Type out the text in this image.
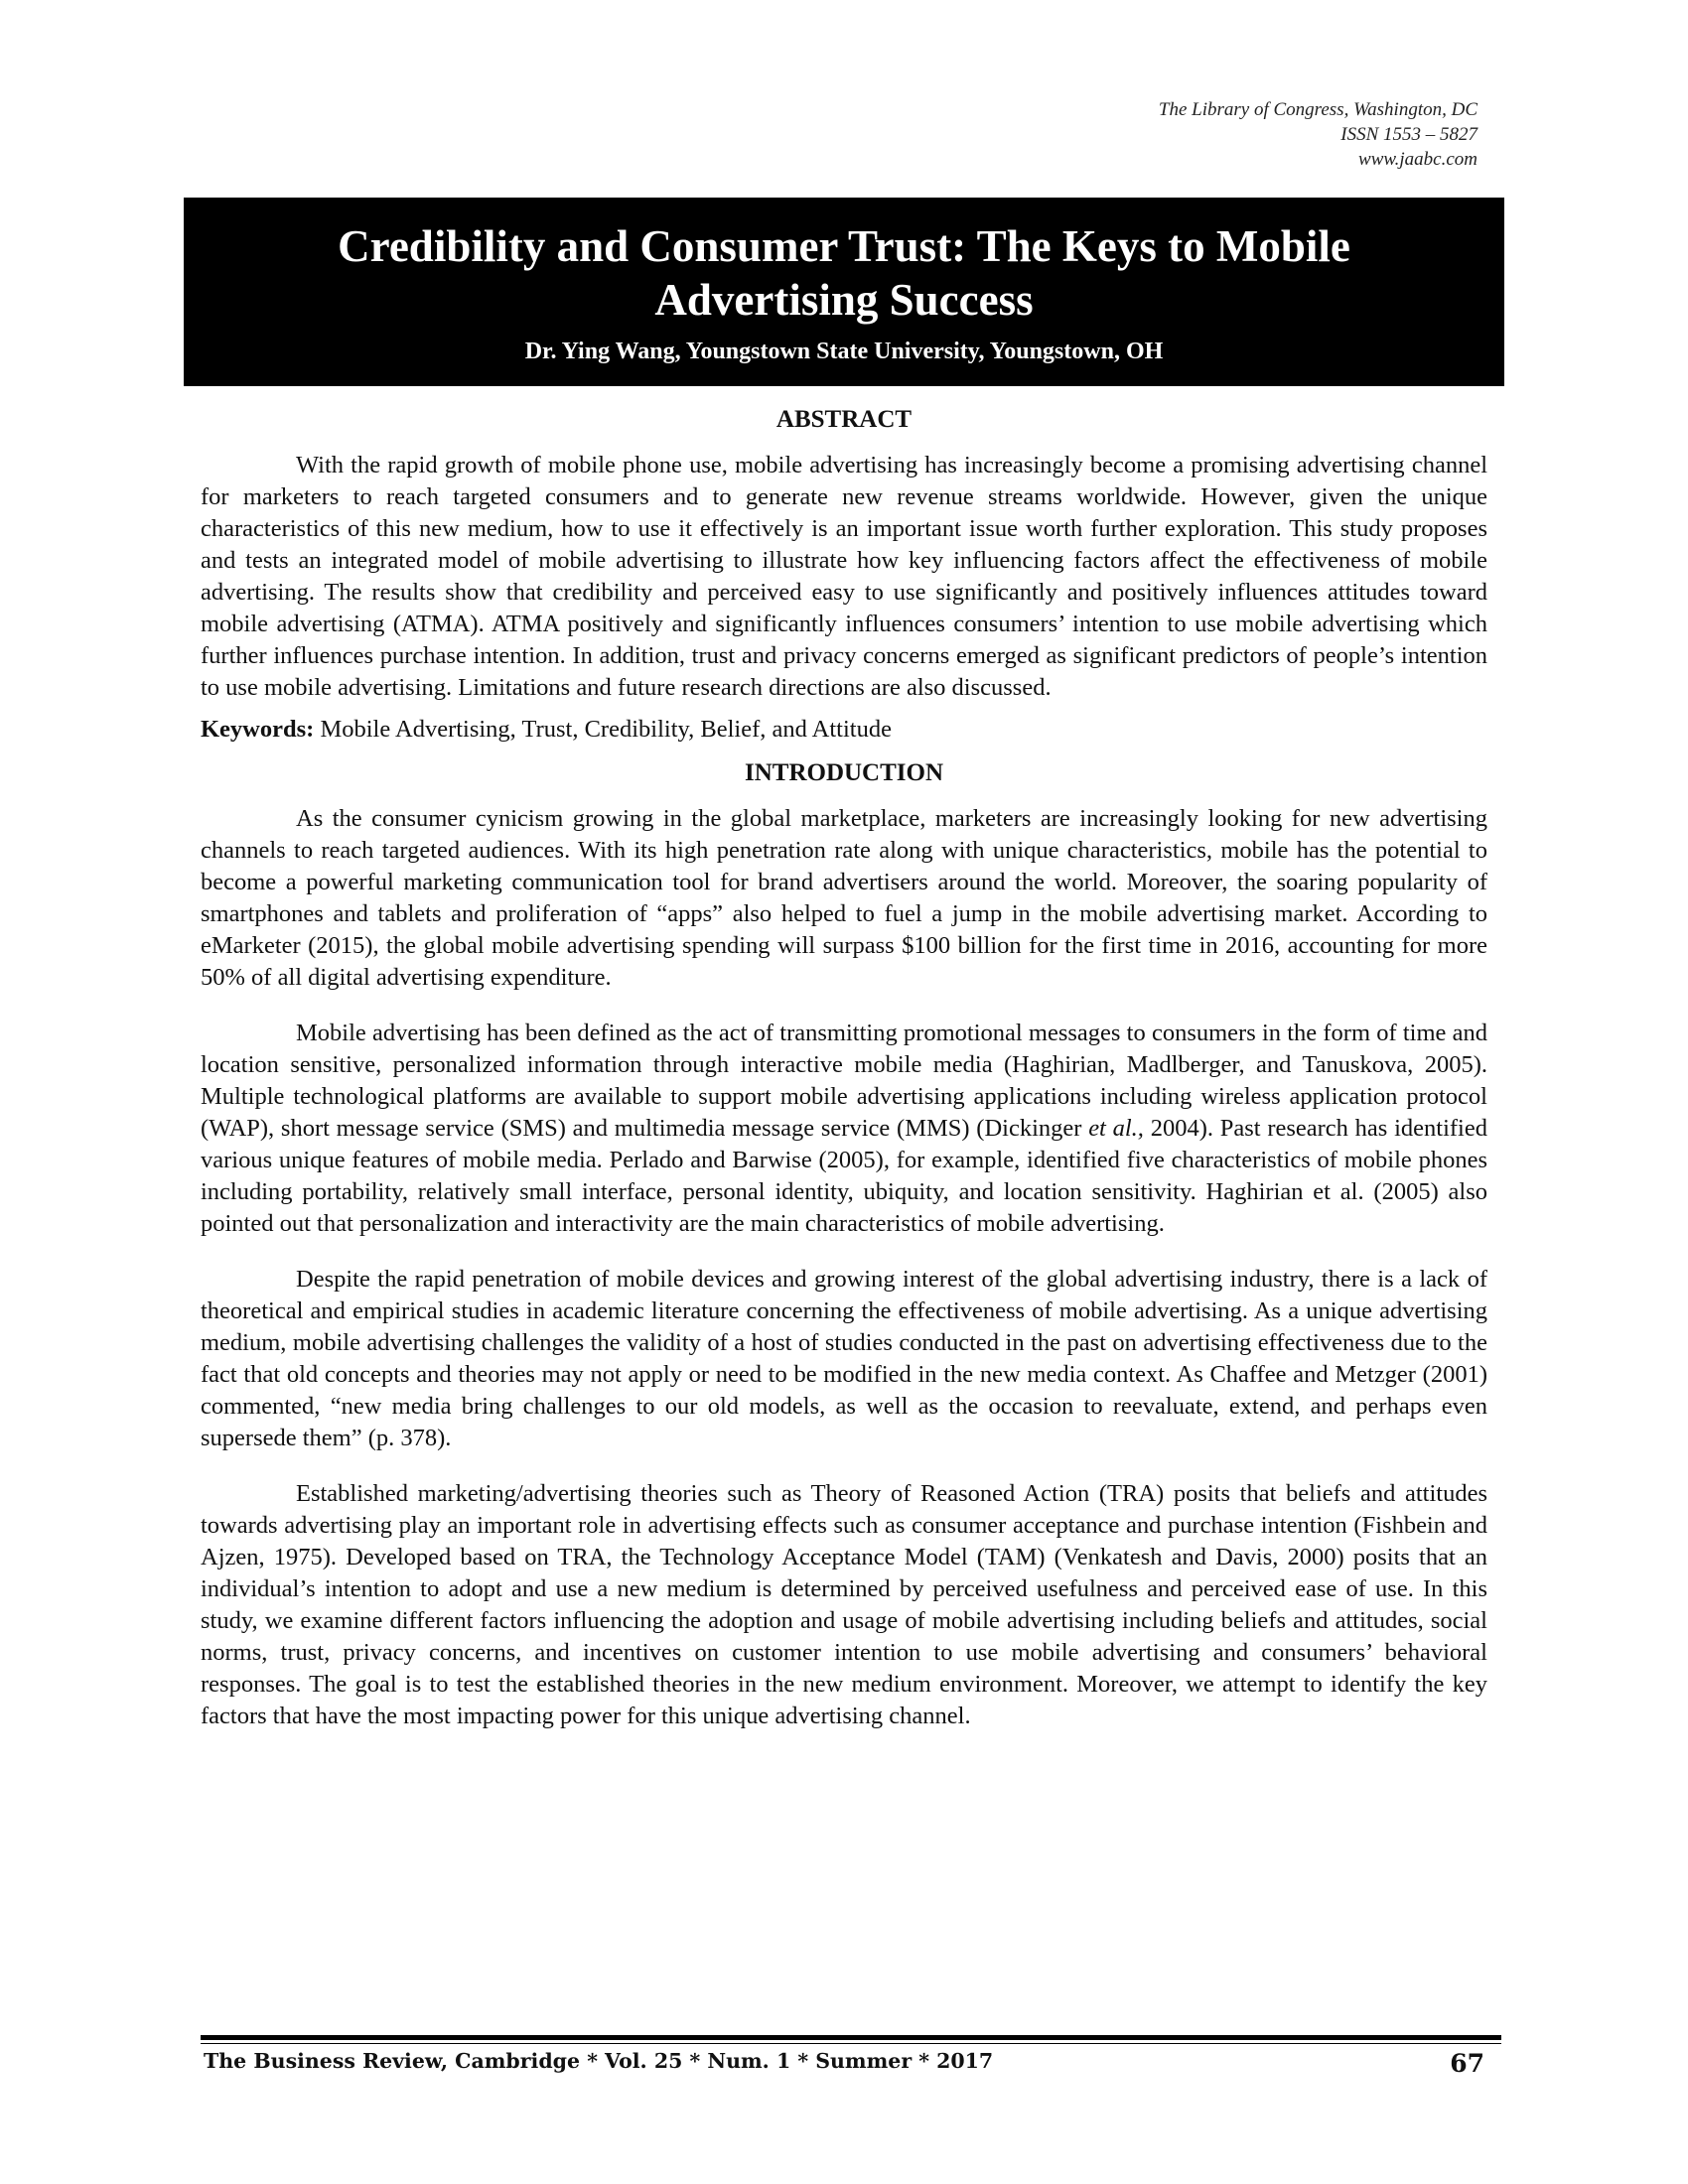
The Library of Congress, Washington, DC
ISSN 1553 – 5827
www.jaabc.com
Credibility and Consumer Trust: The Keys to Mobile Advertising Success
Dr. Ying Wang, Youngstown State University, Youngstown, OH
ABSTRACT

With the rapid growth of mobile phone use, mobile advertising has increasingly become a promising advertising channel for marketers to reach targeted consumers and to generate new revenue streams worldwide. However, given the unique characteristics of this new medium, how to use it effectively is an important issue worth further exploration. This study proposes and tests an integrated model of mobile advertising to illustrate how key influencing factors affect the effectiveness of mobile advertising. The results show that credibility and perceived easy to use significantly and positively influences attitudes toward mobile advertising (ATMA). ATMA positively and significantly influences consumers’ intention to use mobile advertising which further influences purchase intention. In addition, trust and privacy concerns emerged as significant predictors of people’s intention to use mobile advertising. Limitations and future research directions are also discussed.

Keywords: Mobile Advertising, Trust, Credibility, Belief, and Attitude

INTRODUCTION

As the consumer cynicism growing in the global marketplace, marketers are increasingly looking for new advertising channels to reach targeted audiences. With its high penetration rate along with unique characteristics, mobile has the potential to become a powerful marketing communication tool for brand advertisers around the world. Moreover, the soaring popularity of smartphones and tablets and proliferation of “apps” also helped to fuel a jump in the mobile advertising market. According to eMarketer (2015), the global mobile advertising spending will surpass $100 billion for the first time in 2016, accounting for more 50% of all digital advertising expenditure.

Mobile advertising has been defined as the act of transmitting promotional messages to consumers in the form of time and location sensitive, personalized information through interactive mobile media (Haghirian, Madlberger, and Tanuskova, 2005). Multiple technological platforms are available to support mobile advertising applications including wireless application protocol (WAP), short message service (SMS) and multimedia message service (MMS) (Dickinger et al., 2004). Past research has identified various unique features of mobile media. Perlado and Barwise (2005), for example, identified five characteristics of mobile phones including portability, relatively small interface, personal identity, ubiquity, and location sensitivity. Haghirian et al. (2005) also pointed out that personalization and interactivity are the main characteristics of mobile advertising.

Despite the rapid penetration of mobile devices and growing interest of the global advertising industry, there is a lack of theoretical and empirical studies in academic literature concerning the effectiveness of mobile advertising. As a unique advertising medium, mobile advertising challenges the validity of a host of studies conducted in the past on advertising effectiveness due to the fact that old concepts and theories may not apply or need to be modified in the new media context. As Chaffee and Metzger (2001) commented, “new media bring challenges to our old models, as well as the occasion to reevaluate, extend, and perhaps even supersede them” (p. 378).

Established marketing/advertising theories such as Theory of Reasoned Action (TRA) posits that beliefs and attitudes towards advertising play an important role in advertising effects such as consumer acceptance and purchase intention (Fishbein and Ajzen, 1975). Developed based on TRA, the Technology Acceptance Model (TAM) (Venkatesh and Davis, 2000) posits that an individual’s intention to adopt and use a new medium is determined by perceived usefulness and perceived ease of use. In this study, we examine different factors influencing the adoption and usage of mobile advertising including beliefs and attitudes, social norms, trust, privacy concerns, and incentives on customer intention to use mobile advertising and consumers’ behavioral responses. The goal is to test the established theories in the new medium environment. Moreover, we attempt to identify the key factors that have the most impacting power for this unique advertising channel.

The Business Review, Cambridge * Vol. 25 * Num. 1 * Summer * 2017	67
